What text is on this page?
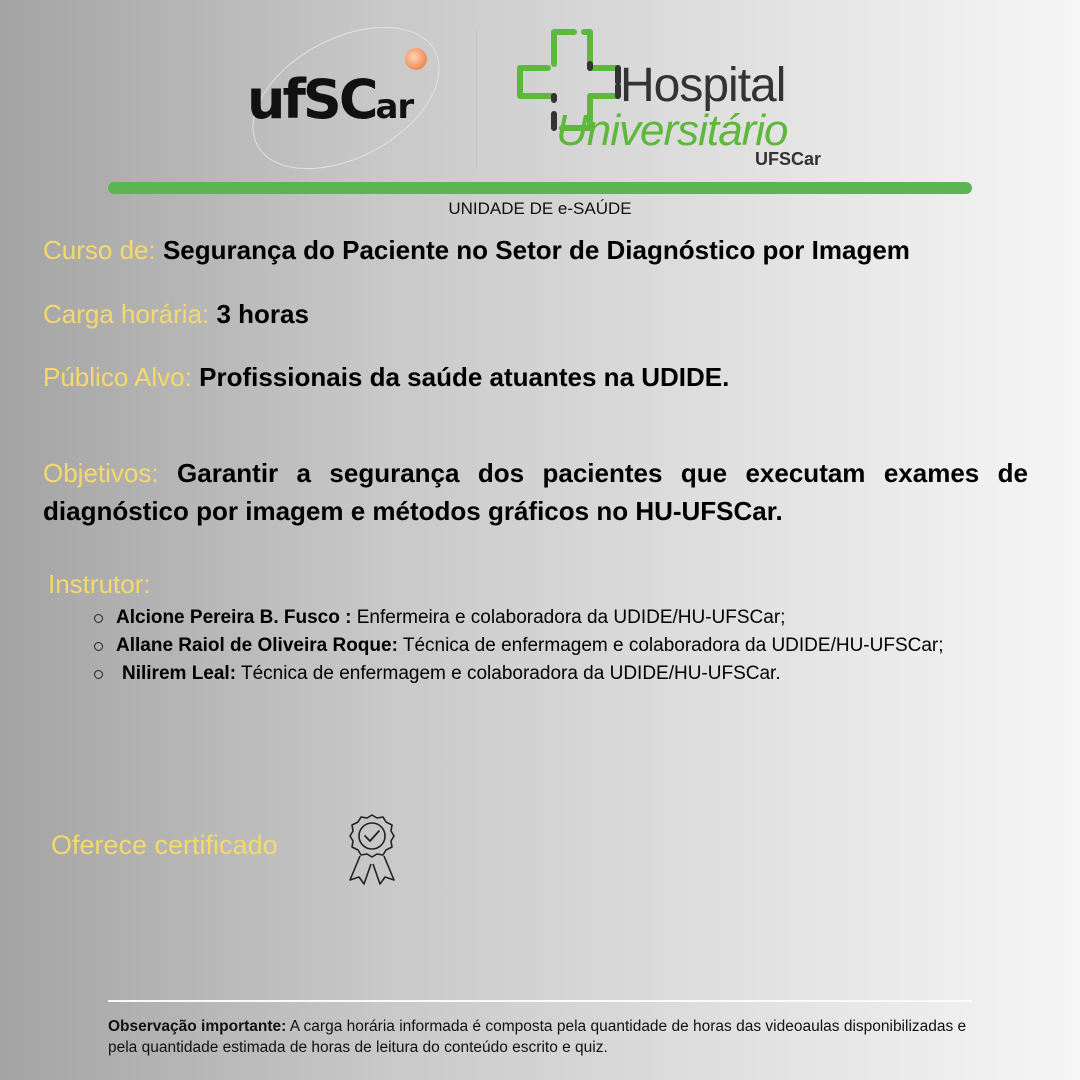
ufSCar	Hospital
Universitário
UFSCar
UNIDADE DE e-SAÚDE
Curso de: Segurança do Paciente no Setor de Diagnóstico por Imagem
Carga horária: 3 horas
Público Alvo: Profissionais da saúde atuantes na UDIDE.
Objetivos: Garantir a segurança dos pacientes que executam exames de diagnóstico por imagem e métodos gráficos no HU-UFSCar.
Instrutor:
Alcione Pereira B. Fusco : Enfermeira e colaboradora da UDIDE/HU-UFSCar;
Allane Raiol de Oliveira Roque: Técnica de enfermagem e colaboradora da UDIDE/HU-UFSCar;
Nilirem Leal: Técnica de enfermagem e colaboradora da UDIDE/HU-UFSCar.
Oferece certificado
Observação importante: A carga horária informada é composta pela quantidade de horas das videoaulas disponibilizadas e pela quantidade estimada de horas de leitura do conteúdo escrito e quiz.
